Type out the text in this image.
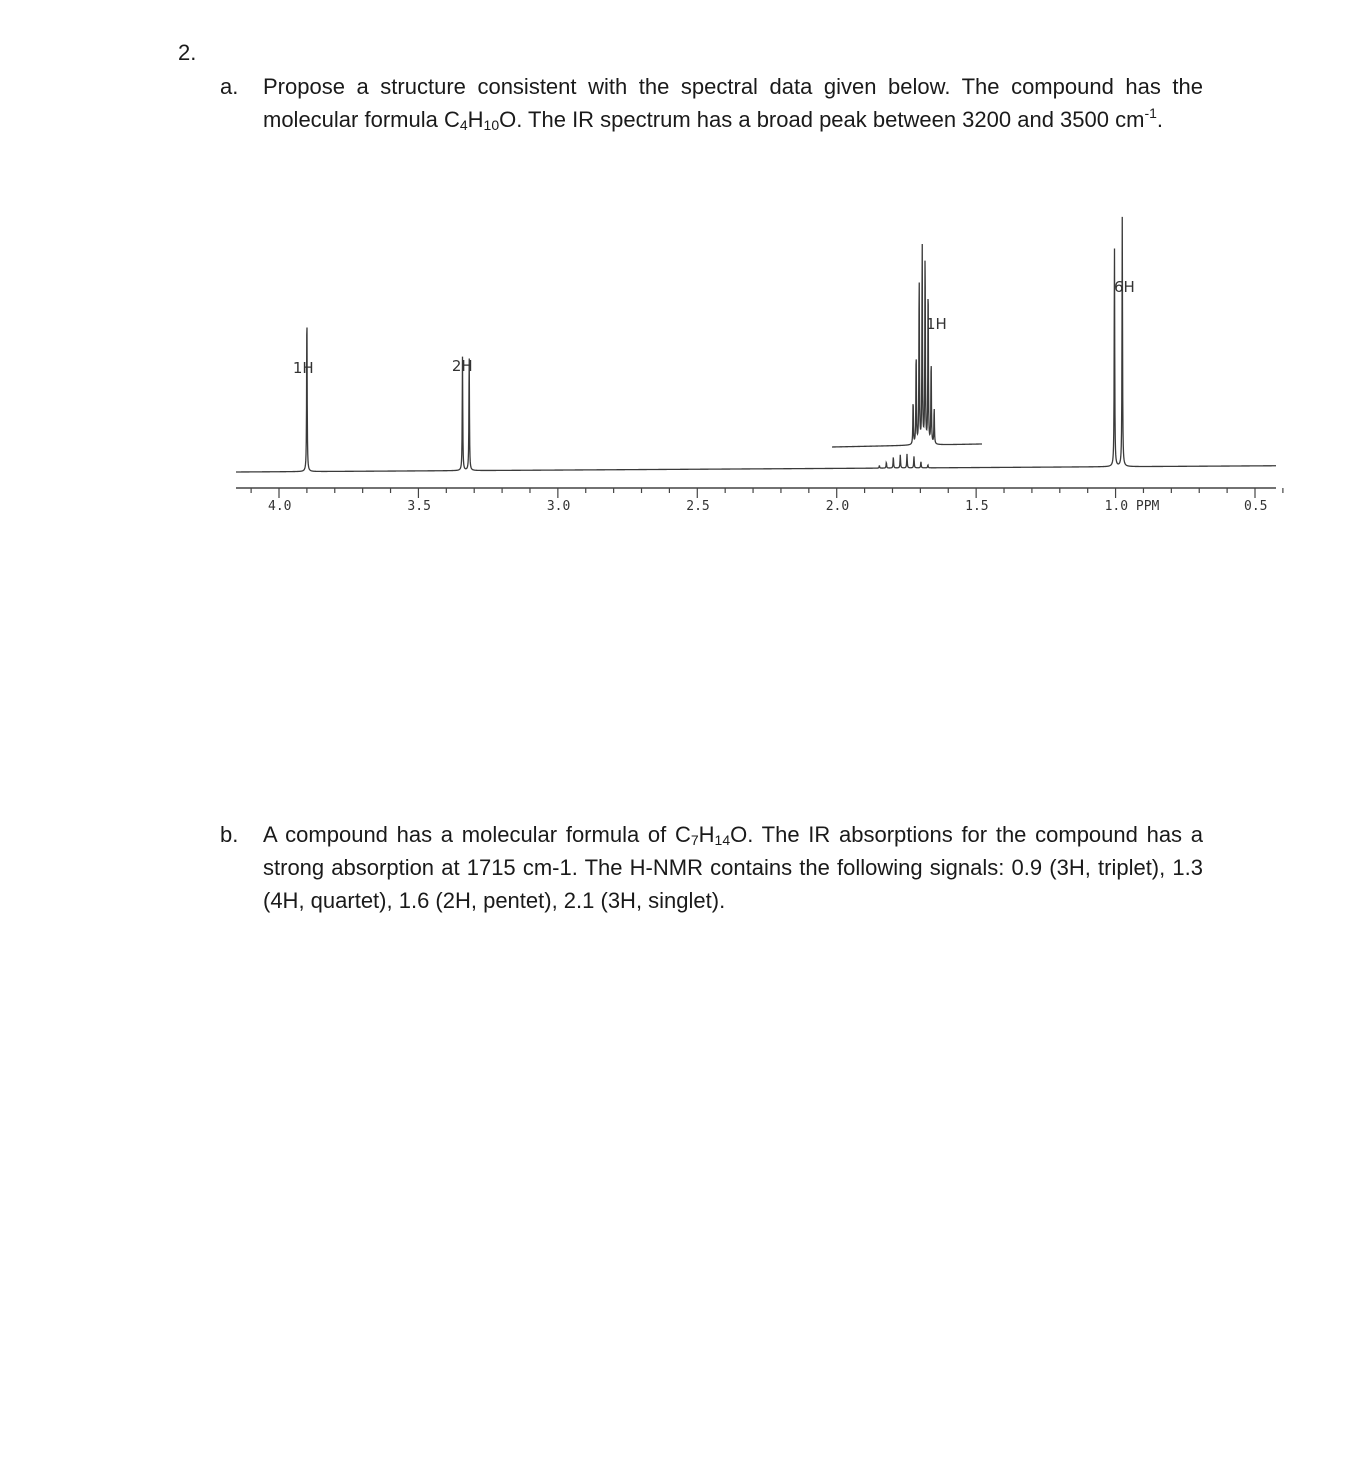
2.
a. Propose a structure consistent with the spectral data given below. The compound has the molecular formula $C_4H_{10}O$. The IR spectrum has a broad peak between 3200 and 3500 $cm^{-1}$.
4.0	3.5	3.0	2.5	2.0	1.5	1.0 PPM	0.5
1H	2H
1H
6H
b. A compound has a molecular formula of $C_7H_{14}O$. The IR absorptions for the compound has a strong absorption at 1715 cm-1. The H-NMR contains the following signals: 0.9 (3H, triplet), 1.3 (4H, quartet), 1.6 (2H, pentet), 2.1 (3H, singlet).
